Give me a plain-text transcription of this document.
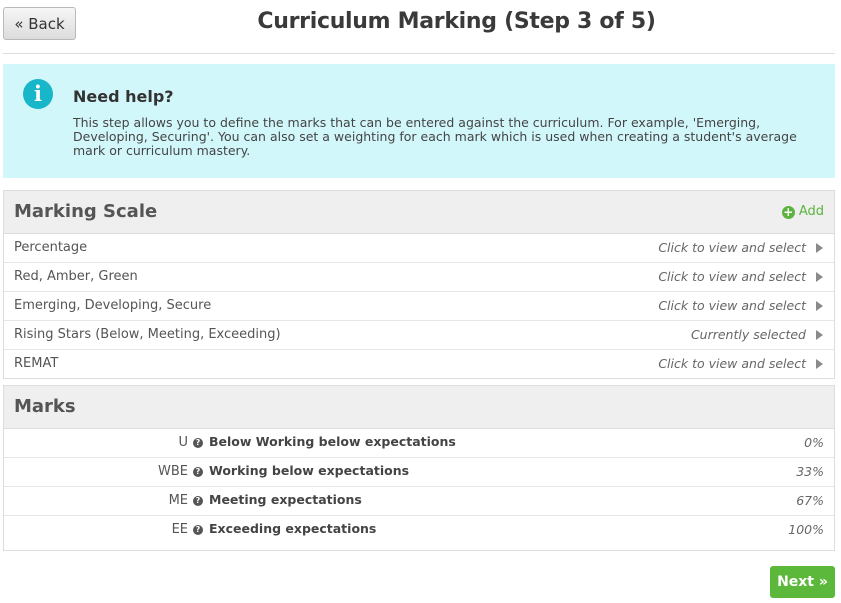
« Back	Curriculum Marking (Step 3 of 5)
i	Need help?
This step allows you to define the marks that can be entered against the curriculum. For example, 'Emerging, Developing, Securing'. You can also set a weighting for each mark which is used when creating a student's average mark or curriculum mastery.
Marking Scale	+ Add
Percentage	Click to view and select
Red, Amber, Green	Click to view and select
Emerging, Developing, Secure	Click to view and select
Rising Stars (Below, Meeting, Exceeding)	Currently selected
REMAT	Click to view and select
Marks
U ? Below Working below expectations	0%
WBE ? Working below expectations	33%
ME ? Meeting expectations	67%
EE ? Exceeding expectations	100%
Next »
